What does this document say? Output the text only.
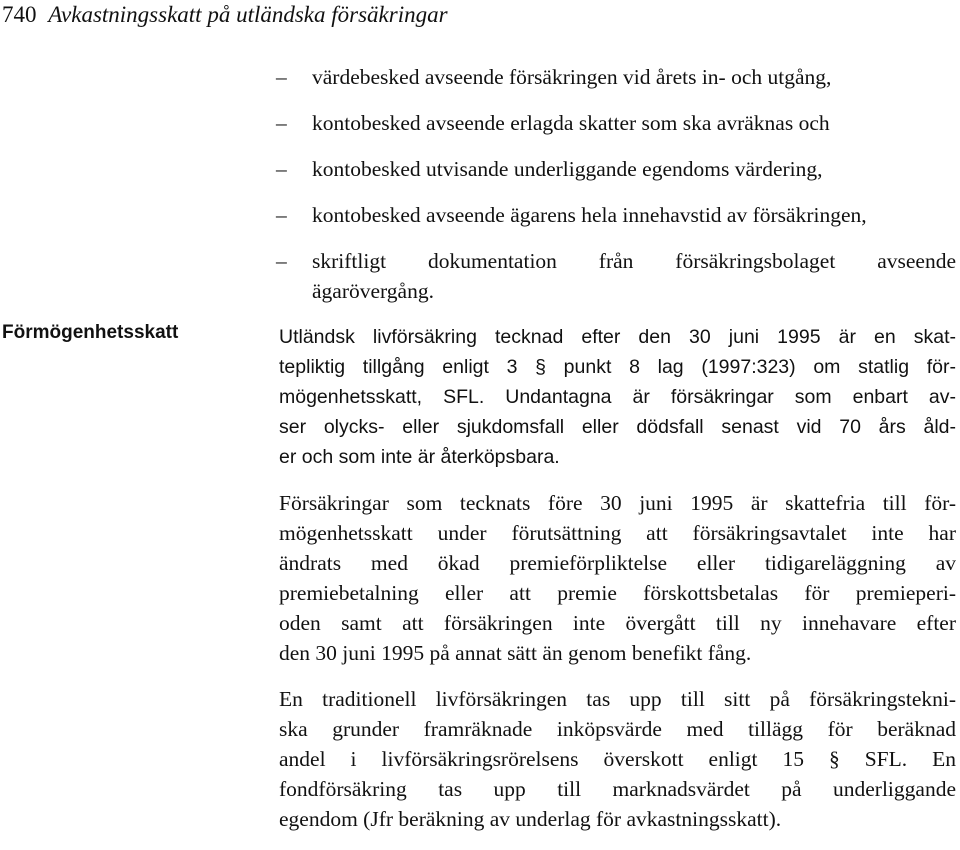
740 Avkastningsskatt på utländska försäkringar
– värdebesked avseende försäkringen vid årets in- och utgång,
– kontobesked avseende erlagda skatter som ska avräknas och
– kontobesked utvisande underliggande egendoms värdering,
– kontobesked avseende ägarens hela innehavstid av försäkringen,
– skriftligt dokumentation från försäkringsbolaget avseende
ägarövergång.
Förmögenhetsskatt	Utländsk livförsäkring tecknad efter den 30 juni 1995 är en skat-
tepliktig tillgång enligt 3 § punkt 8 lag (1997:323) om statlig för-
mögenhetsskatt, SFL. Undantagna är försäkringar som enbart av-
ser olycks- eller sjukdomsfall eller dödsfall senast vid 70 års åld-
er och som inte är återköpsbara.

Försäkringar som tecknats före 30 juni 1995 är skattefria till för-
mögenhetsskatt under förutsättning att försäkringsavtalet inte har
ändrats med ökad premieförpliktelse eller tidigareläggning av
premiebetalning eller att premie förskottsbetalas för premieperi-
oden samt att försäkringen inte övergått till ny innehavare efter
den 30 juni 1995 på annat sätt än genom benefikt fång.

En traditionell livförsäkringen tas upp till sitt på försäkringstekni-
ska grunder framräknade inköpsvärde med tillägg för beräknad
andel i livförsäkringsrörelsens överskott enligt 15 § SFL. En
fondförsäkring tas upp till marknadsvärdet på underliggande
egendom (Jfr beräkning av underlag för avkastningsskatt).
